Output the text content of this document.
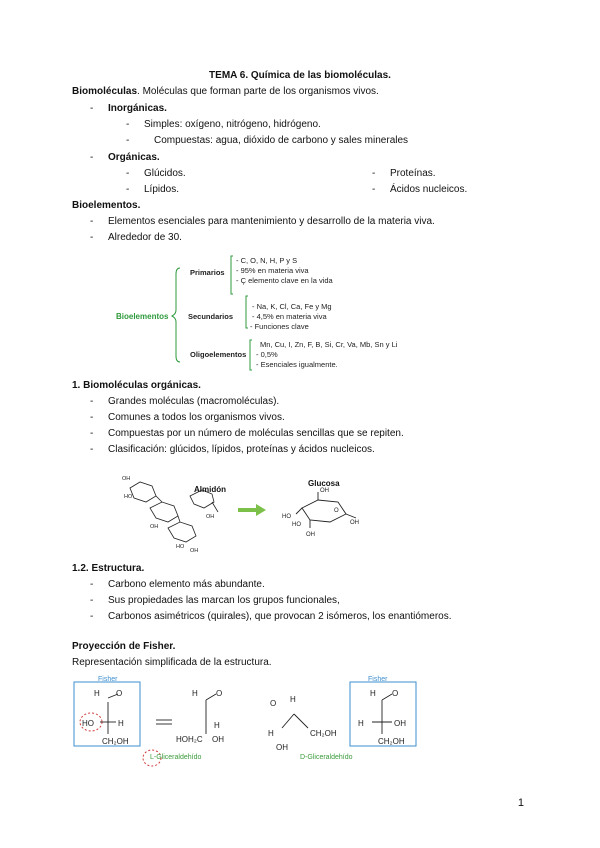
TEMA 6. Química de las biomoléculas.
Biomoléculas. Moléculas que forman parte de los organismos vivos.
- Inorgánicas.
- Simples: oxígeno, nitrógeno, hidrógeno.
- Compuestas: agua, dióxido de carbono y sales minerales
- Orgánicas.
- Glúcidos.
- Lípidos.
- Proteínas.
- Ácidos nucleicos.
Bioelementos.
- Elementos esenciales para mantenimiento y desarrollo de la materia viva.
- Alrededor de 30.
Bioelementos
Primarios
- C, O, N, H, P y S
- 95% en materia viva
- Ç elemento clave en la vida
Secundarios
- Na, K, Cl, Ca, Fe y Mg
- 4,5% en materia viva
- Funciones clave
Oligoelementos
Mn, Cu, I, Zn, F, B, Si, Cr, Va, Mb, Sn y Li
- 0,5%
- Esenciales igualmente.
1. Biomoléculas orgánicas.
- Grandes moléculas (macromoléculas).
- Comunes a todos los organismos vivos.
- Compuestas por un número de moléculas sencillas que se repiten.
- Clasificación: glúcidos, lípidos, proteínas y ácidos nucleicos.
OH
HO
OH
OH
OH
HO
OH
HO
HO
OH
OH
O
Almidón
Glucosa
1.2. Estructura.
- Carbono elemento más abundante.
- Sus propiedades las marcan los grupos funcionales,
- Carbonos asimétricos (quirales), que provocan 2 isómeros, los enantiómeros.
Proyección de Fisher.
Representación simplificada de la estructura.
H O
HO	H
CH₂OH
H O
HOH₂C
H
OH
O H
H
OH
CH₂OH
H O
H	OH
CH₂OH
Fisher	Fisher
L-Gliceraldehído	D-Gliceraldehído
1
